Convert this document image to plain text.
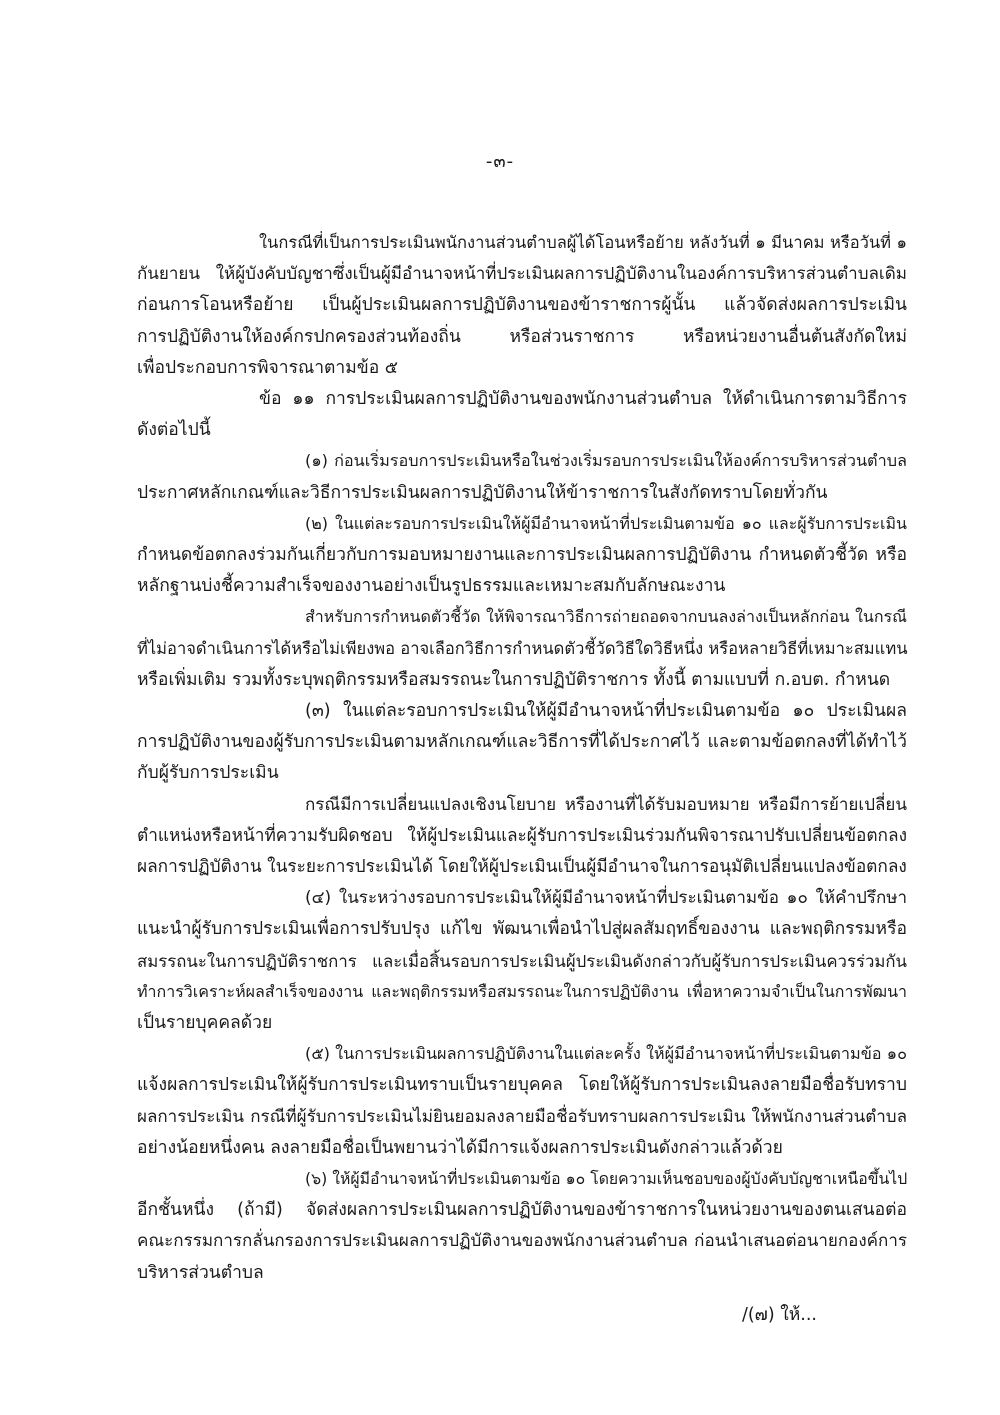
-๓-
ในกรณีที่เป็นการประเมินพนักงานส่วนตำบลผู้ได้โอนหรือย้าย หลังวันที่ ๑ มีนาคม หรือวันที่ ๑
กันยายน ให้ผู้บังคับบัญชาซึ่งเป็นผู้มีอำนาจหน้าที่ประเมินผลการปฏิบัติงานในองค์การบริหารส่วนตำบลเดิม
ก่อนการโอนหรือย้าย เป็นผู้ประเมินผลการปฏิบัติงานของข้าราชการผู้นั้น แล้วจัดส่งผลการประเมิน
การปฏิบัติงานให้องค์กรปกครองส่วนท้องถิ่น หรือส่วนราชการ หรือหน่วยงานอื่นต้นสังกัดใหม่
เพื่อประกอบการพิจารณาตามข้อ ๕
ข้อ ๑๑ การประเมินผลการปฏิบัติงานของพนักงานส่วนตำบล ให้ดำเนินการตามวิธีการ
ดังต่อไปนี้
(๑) ก่อนเริ่มรอบการประเมินหรือในช่วงเริ่มรอบการประเมินให้องค์การบริหารส่วนตำบล
ประกาศหลักเกณฑ์และวิธีการประเมินผลการปฏิบัติงานให้ข้าราชการในสังกัดทราบโดยทั่วกัน
(๒) ในแต่ละรอบการประเมินให้ผู้มีอำนาจหน้าที่ประเมินตามข้อ ๑๐ และผู้รับการประเมิน
กำหนดข้อตกลงร่วมกันเกี่ยวกับการมอบหมายงานและการประเมินผลการปฏิบัติงาน กำหนดตัวชี้วัด หรือ
หลักฐานบ่งชี้ความสำเร็จของงานอย่างเป็นรูปธรรมและเหมาะสมกับลักษณะงาน
สำหรับการกำหนดตัวชี้วัด ให้พิจารณาวิธีการถ่ายถอดจากบนลงล่างเป็นหลักก่อน ในกรณี
ที่ไม่อาจดำเนินการได้หรือไม่เพียงพอ อาจเลือกวิธีการกำหนดตัวชี้วัดวิธีใดวิธีหนึ่ง หรือหลายวิธีที่เหมาะสมแทน
หรือเพิ่มเติม รวมทั้งระบุพฤติกรรมหรือสมรรถนะในการปฏิบัติราชการ ทั้งนี้ ตามแบบที่ ก.อบต. กำหนด
(๓) ในแต่ละรอบการประเมินให้ผู้มีอำนาจหน้าที่ประเมินตามข้อ ๑๐ ประเมินผล
การปฏิบัติงานของผู้รับการประเมินตามหลักเกณฑ์และวิธีการที่ได้ประกาศไว้ และตามข้อตกลงที่ได้ทำไว้
กับผู้รับการประเมิน
กรณีมีการเปลี่ยนแปลงเชิงนโยบาย หรืองานที่ได้รับมอบหมาย หรือมีการย้ายเปลี่ยน
ตำแหน่งหรือหน้าที่ความรับผิดชอบ ให้ผู้ประเมินและผู้รับการประเมินร่วมกันพิจารณาปรับเปลี่ยนข้อตกลง
ผลการปฏิบัติงาน ในระยะการประเมินได้ โดยให้ผู้ประเมินเป็นผู้มีอำนาจในการอนุมัติเปลี่ยนแปลงข้อตกลง
(๔) ในระหว่างรอบการประเมินให้ผู้มีอำนาจหน้าที่ประเมินตามข้อ ๑๐ ให้คำปรึกษา
แนะนำผู้รับการประเมินเพื่อการปรับปรุง แก้ไข พัฒนาเพื่อนำไปสู่ผลสัมฤทธิ์ของงาน และพฤติกรรมหรือ
สมรรถนะในการปฏิบัติราชการ และเมื่อสิ้นรอบการประเมินผู้ประเมินดังกล่าวกับผู้รับการประเมินควรร่วมกัน
ทำการวิเคราะห์ผลสำเร็จของงาน และพฤติกรรมหรือสมรรถนะในการปฏิบัติงาน เพื่อหาความจำเป็นในการพัฒนา
เป็นรายบุคคลด้วย
(๕) ในการประเมินผลการปฏิบัติงานในแต่ละครั้ง ให้ผู้มีอำนาจหน้าที่ประเมินตามข้อ ๑๐
แจ้งผลการประเมินให้ผู้รับการประเมินทราบเป็นรายบุคคล โดยให้ผู้รับการประเมินลงลายมือชื่อรับทราบ
ผลการประเมิน กรณีที่ผู้รับการประเมินไม่ยินยอมลงลายมือชื่อรับทราบผลการประเมิน ให้พนักงานส่วนตำบล
อย่างน้อยหนึ่งคน ลงลายมือชื่อเป็นพยานว่าได้มีการแจ้งผลการประเมินดังกล่าวแล้วด้วย
(๖) ให้ผู้มีอำนาจหน้าที่ประเมินตามข้อ ๑๐ โดยความเห็นชอบของผู้บังคับบัญชาเหนือขึ้นไป
อีกชั้นหนึ่ง (ถ้ามี) จัดส่งผลการประเมินผลการปฏิบัติงานของข้าราชการในหน่วยงานของตนเสนอต่อ
คณะกรรมการกลั่นกรองการประเมินผลการปฏิบัติงานของพนักงานส่วนตำบล ก่อนนำเสนอต่อนายกองค์การ
บริหารส่วนตำบล
/(๗) ให้...
